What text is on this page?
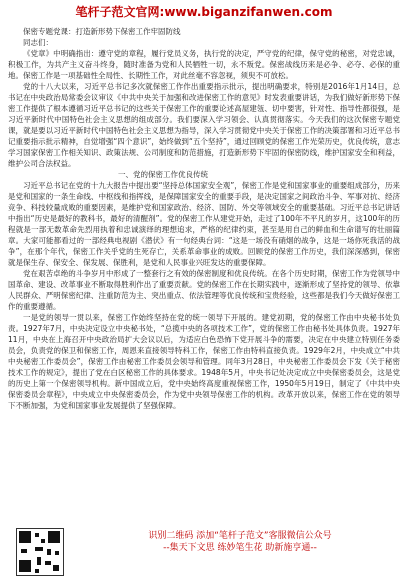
笔杆子范文官网:www.biganzifanwen.com

保密专题党课：打造新形势下保密工作牢固防线

同志们：

《党章》中明确指出：遵守党的章程，履行党员义务，执行党的决定，严守党的纪律，保守党的秘密，对党忠诚，积极工作，为共产主义奋斗终身，随时准备为党和人民牺牲一切，永不叛党。保密战线历来是必争、必夺、必保的重地。保密工作是一项基础性全局性、长期性工作，对此丝毫不容忽视，须臾不可放松。

党的十八大以来，习近平总书记多次就保密工作作出重要指示批示，提出明确要求，特别是2016年1月14日，总书记在中央政治局常委会议审议《中共中央关于加强和改进保密工作的意见》时发表重要讲话，为我们做好新形势下保密工作提供了根本遵循习近平总书记的这些关于保密工作的重要论述高屋建瓴、切中要害，针对性、指导性都很强，是习近平新时代中国特色社会主义思想的组成部分。我们要深入学习领会、认真贯彻落实。今天我们的这次保密专题党课，就是要以习近平新时代中国特色社会主义思想为指导，深入学习贯彻党中央关于保密工作的决策部署和习近平总书记重要指示批示精神，自觉增强“四个意识”，始终做到“五个坚持”，通过回顾党的保密工作光荣历史，优良传统，意志学习国家保密工作相关知识、政策法规、公司制度和防范措施，打造新形势下牢固的保密防线，维护国家安全和利益，维护公司合法权益。

一、党的保密工作优良传统

习近平总书记在党的十九大报告中提出要“坚持总体国家安全观”，保密工作是党和国家事业的重要组成部分，历来是党和国家的一条生命线、中枢线和指挥线，是保障国家安全的重要手段，是决定国家之间政治斗争、军事对抗、经济竞争、科技较量成败的重要因素，是维护党和国家政治、经济、国防、外交等领域安全的重要基础。习近平总书记讲话中指出“历史是最好的教科书，最好的清醒剂”。党的保密工作从建党开始，走过了100年不平凡的岁月，这100年的历程就是一部无数革命先烈用执着和忠诚演绎的理想追求，严格的纪律约束，甚至是用自己的鲜血和生命谱写的壮丽篇章。大家可能都看过的一部经典电视剧《潜伏》有一句经典台词：“这是一场没有硝烟的战争，这是一场你死我活的战争”，在那个年代，保密工作关乎党的生死存亡，关系革命事业的成败。回顾党的保密工作历史，我们深深感到，保密就是保生存、保安全、保发展、保胜利，是党和人民事业兴旺发达的重要保障。

党在艰苦卓绝的斗争岁月中形成了一整套行之有效的保密制度和优良传统。在各个历史时期，保密工作为党领导中国革命、建设、改革事业不断取得胜利作出了重要贡献。党的保密工作在长期实践中，逐渐形成了坚持党的领导、依靠人民群众、严明保密纪律、注重防范为主、突出重点、依法管理等优良传统和宝贵经验，这些都是我们今天做好保密工作的重要遵循。

一是党的领导一贯以来，保密工作始终坚持在党的统一领导下开展的。建党初期，党的保密工作由中央秘书处负责。1927年7月，中央决定设立中央秘书处，“总揽中央的各项技术工作”，党的保密工作由秘书处具体负责。1927年11月，中央在上海召开中央政治局扩大会议以后，为适应白色恐怖下党开展斗争的需要，决定在中央建立特别任务委员会，负责党的保卫和保密工作，周恩来直接领导特科工作，保密工作由特科直接负责。1929年2月，中央成立“中共中央秘密工作委员会”，保密工作由秘密工作委员会领导和管理。同年3月28日，中央秘密工作委员会下发《关于秘密技术工作的规定》，提出了党在白区秘密工作的具体要求。1948年5月，中央书记处决定成立中央保密委员会，这是党的历史上第一个保密领导机构。新中国成立后，党中央始终高度重视保密工作，1950年5月19日，制定了《中共中央保密委员会章程》，中央成立中央保密委员会，作为党中央领导保密工作的机构。改革开放以来，保密工作在党的领导下不断加强，为党和国家事业发展提供了坚强保障。

识别二维码 添加“笔杆子范文”客服微信公众号
--集天下文思 练妙笔生花 助新施亨通--
